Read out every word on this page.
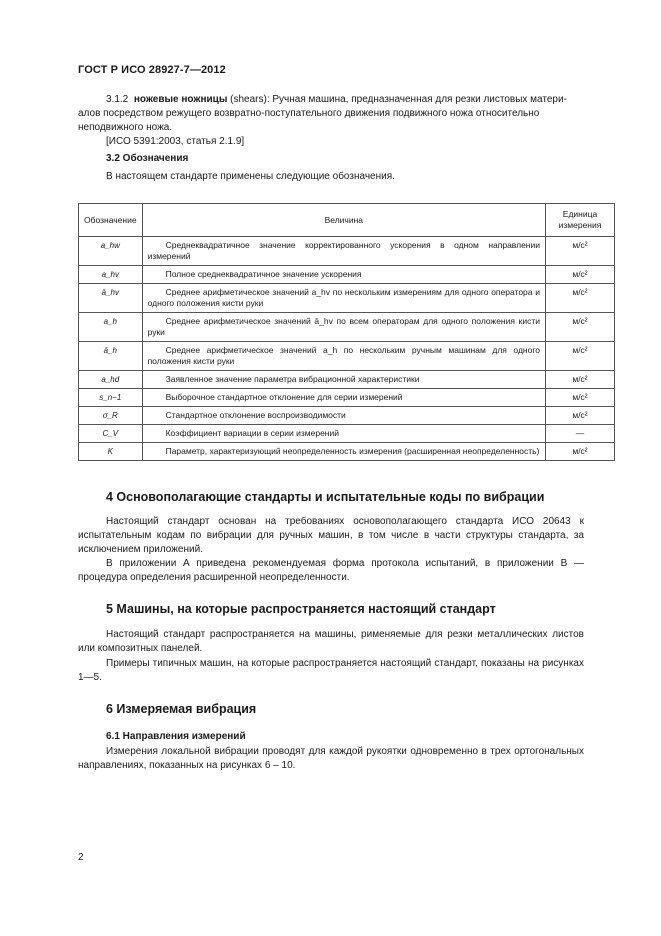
ГОСТ Р ИСО 28927-7—2012
3.1.2 ножевые ножницы (shears): Ручная машина, предназначенная для резки листовых матери-
алов посредством режущего возвратно-поступательного движения подвижного ножа относительно
неподвижного ножа.
[ИСО 5391:2003, статья 2.1.9]
3.2 Обозначения
В настоящем стандарте применены следующие обозначения.
Обозначение	Величина	Единица измерения
a_hw	Среднеквадратичное значение корректированного ускорения в одном направлении измерений	м/с²
a_hv	Полное среднеквадратичное значение ускорения	м/с²
ā_hv	Среднее арифметическое значений a_hv по нескольким измерениям для одного оператора и одного положения кисти руки	м/с²
a_h	Среднее арифметическое значений ā_hv по всем операторам для одного положения кисти руки	м/с²
ā_h	Среднее арифметическое значений a_h по нескольким ручным машинам для одного положения кисти руки	м/с²
a_hd	Заявленное значение параметра вибрационной характеристики	м/с²
s_n−1	Выборочное стандартное отклонение для серии измерений	м/с²
σ_R	Стандартное отклонение воспроизводимости	м/с²
C_V	Коэффициент вариации в серии измерений	—
K	Параметр, характеризующий неопределенность измерения (расширенная неопределенность)	м/с²
4 Основополагающие стандарты и испытательные коды по вибрации
Настоящий стандарт основан на требованиях основополагающего стандарта ИСО 20643 к испытательным кодам по вибрации для ручных машин, в том числе в части структуры стандарта, за исключением приложений.
В приложении А приведена рекомендуемая форма протокола испытаний, в приложении В — процедура определения расширенной неопределенности.
5 Машины, на которые распространяется настоящий стандарт
Настоящий стандарт распространяется на машины, рименяемые для резки металлических листов или композитных панелей.
Примеры типичных машин, на которые распространяется настоящий стандарт, показаны на рисунках 1—5.
6 Измеряемая вибрация
6.1 Направления измерений
Измерения локальной вибрации проводят для каждой рукоятки одновременно в трех ортогональных направлениях, показанных на рисунках 6 – 10.
2
